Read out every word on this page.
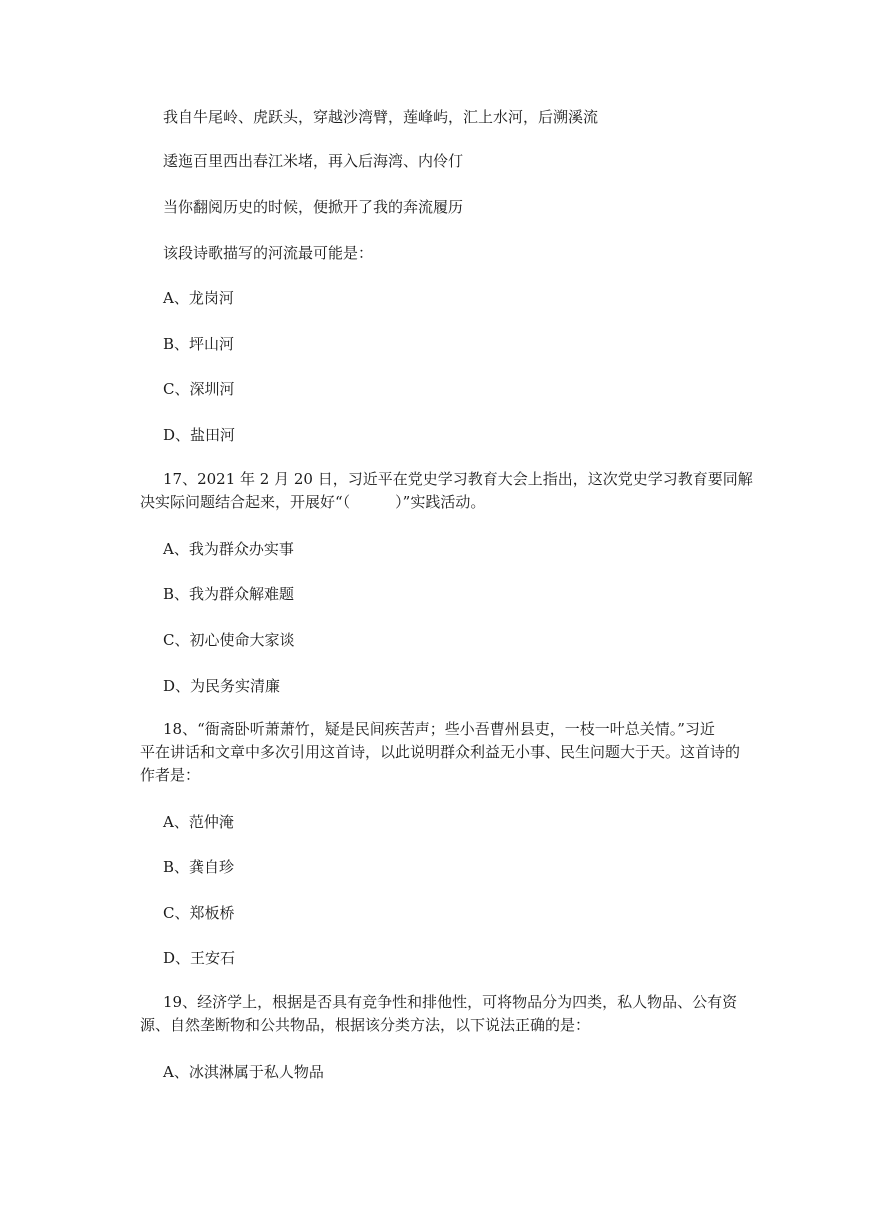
我自牛尾岭、虎跃头，穿越沙湾臂，莲峰屿，汇上水河，后溯溪流
逶迤百里西出春江米堵，再入后海湾、内伶仃
当你翻阅历史的时候，便掀开了我的奔流履历
该段诗歌描写的河流最可能是：
A、龙岗河
B、坪山河
C、深圳河
D、盐田河
17、2021 年 2 月 20 日，习近平在党史学习教育大会上指出，这次党史学习教育要同解
决实际问题结合起来，开展好“（　　　）”实践活动。
A、我为群众办实事
B、我为群众解难题
C、初心使命大家谈
D、为民务实清廉
18、“衙斋卧听萧萧竹，疑是民间疾苦声；些小吾曹州县吏，一枝一叶总关情。”习近
平在讲话和文章中多次引用这首诗，以此说明群众利益无小事、民生问题大于天。这首诗的
作者是：
A、范仲淹
B、龚自珍
C、郑板桥
D、王安石
19、经济学上，根据是否具有竞争性和排他性，可将物品分为四类，私人物品、公有资
源、自然垄断物和公共物品，根据该分类方法，以下说法正确的是：
A、冰淇淋属于私人物品
